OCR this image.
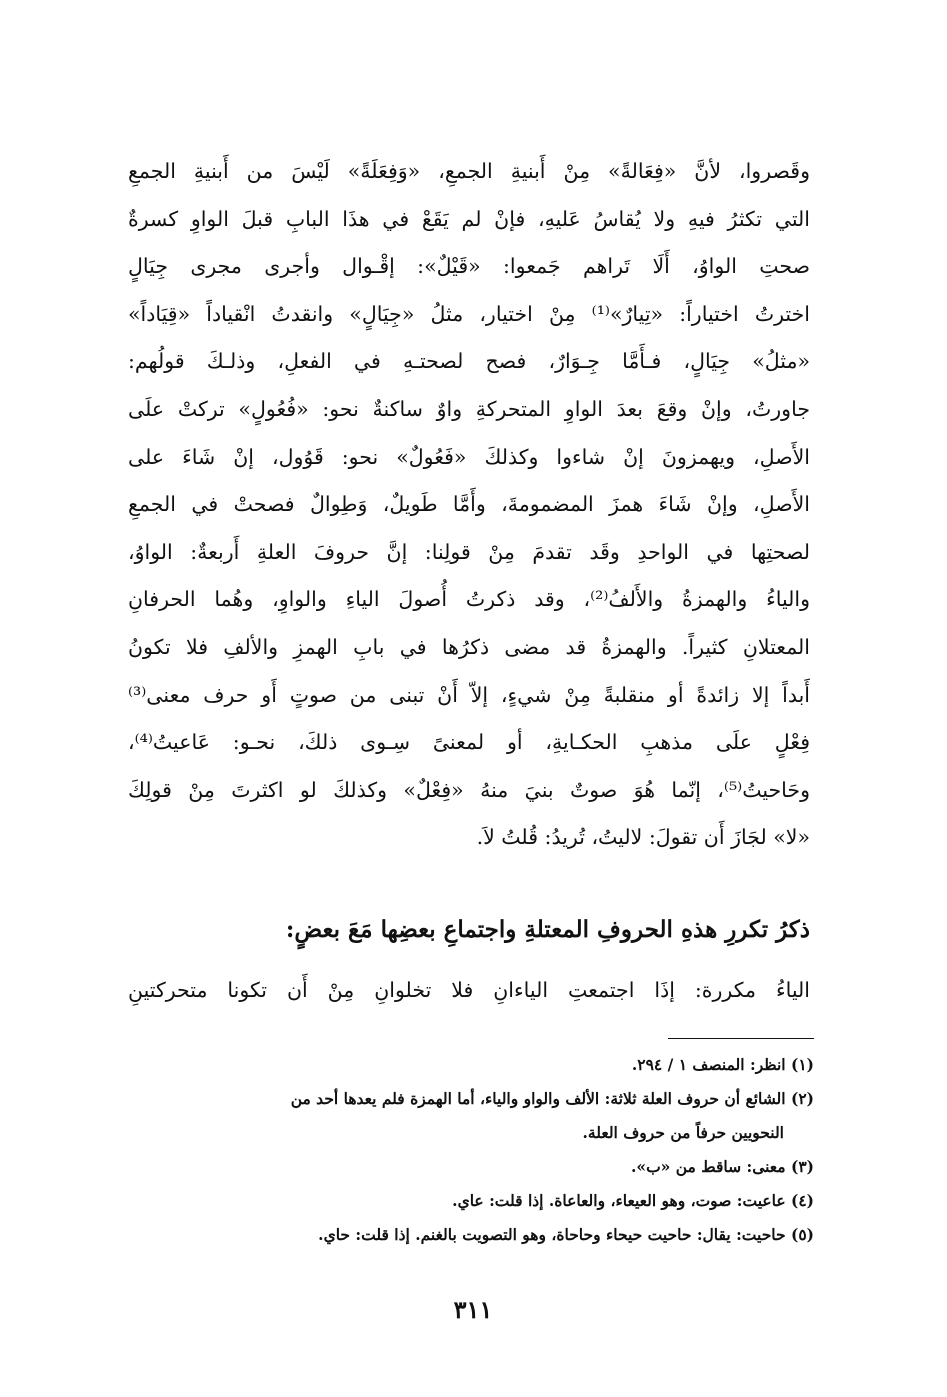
وقَصروا، لأنَّ «فِعَالةً» مِنْ أَبنيةِ الجمعِ، «وَفِعَلَةً» لَيْسَ من أَبنيةِ الجمعِ
التي تكثرُ فيهِ ولا يُقاسُ عَليهِ، فإنْ لم يَقَعْ في هذَا البابِ قبلَ الواوِ كسرةٌ
صحتِ الواوُ، أَلَا تَراهم جَمعوا: «قَيْلٌ»: إقْـوال وأجرى مجرى جِيَالٍ
اخترتُ اختياراً: «تِيارٌ»⁽¹⁾ مِنْ اختيار، مثلُ «جِيَالٍ» وانقدتُ انْقياداً «قِيَاداً»
«مثلُ» جِيَالٍ، فـأَمَّا جِـوَارٌ، فصح لصحتـهِ في الفعلِ، وذلـكَ قولُهم:
جاورتُ، وإنْ وقعَ بعدَ الواوِ المتحركةِ واوٌ ساكنةٌ نحو: «فُعُولٍ» تركتْ علَى
الأَصلِ، ويهمزونَ إنْ شاءوا وكذلكَ «فَعُولٌ» نحو: قَوُول، إنْ شَاءَ على
الأَصلِ، وإنْ شَاءَ همزَ المضمومةَ، وأَمَّا طَويلٌ، وَطِوالٌ فصحتْ في الجمعِ
لصحتِها في الواحدِ وقَد تقدمَ مِنْ قولِنا: إنَّ حروفَ العلةِ أَربعةٌ: الواوُ،
والياءُ والهمزةُ والأَلفُ⁽²⁾، وقد ذكرتُ أُصولَ الياءِ والواوِ، وهُما الحرفانِ
المعتلانِ كثيراً. والهمزةُ قد مضى ذكرُها في بابِ الهمزِ والألفِ فلا تكونُ
أَبداً إلا زائدةً أو منقلبةً مِنْ شيءٍ، إلاّ أَنْ تبنى من صوتٍ أَو حرف معنى⁽³⁾
فِعْلٍ علَى مذهبِ الحكـايةِ، أو لمعنىً سِـوى ذلكَ، نحـو: عَاعيتُ⁽⁴⁾،
وحَاحيتُ⁽⁵⁾، إنّما هُوَ صوتٌ بنيَ منهُ «فِعْلٌ» وكذلكَ لو اكثرتَ مِنْ قولِكَ
«لا» لجَازَ أَن تقولَ: لاليتُ، تُريدُ: قُلتُ لاَ.
ذكرُ تكررِ هذهِ الحروفِ المعتلةِ واجتماعِ بعضِها مَعَ بعضٍ:
الياءُ مكررة: إذَا اجتمعتِ الياءانِ فلا تخلوانِ مِنْ أَن تكونا متحركتينِ
(١) انظر: المنصف ١ / ٢٩٤.
(٢) الشائع أن حروف العلة ثلاثة: الألف والواو والياء، أما الهمزة فلم يعدها أحد من
النحويين حرفاً من حروف العلة.
(٣) معنى: ساقط من «ب».
(٤) عاعيت: صوت، وهو العيعاء، والعاعاة. إذا قلت: عاي.
(٥) حاحيت: يقال: حاحيت حيحاء وحاحاة، وهو التصويت بالغنم. إذا قلت: حاي.
٣١١
